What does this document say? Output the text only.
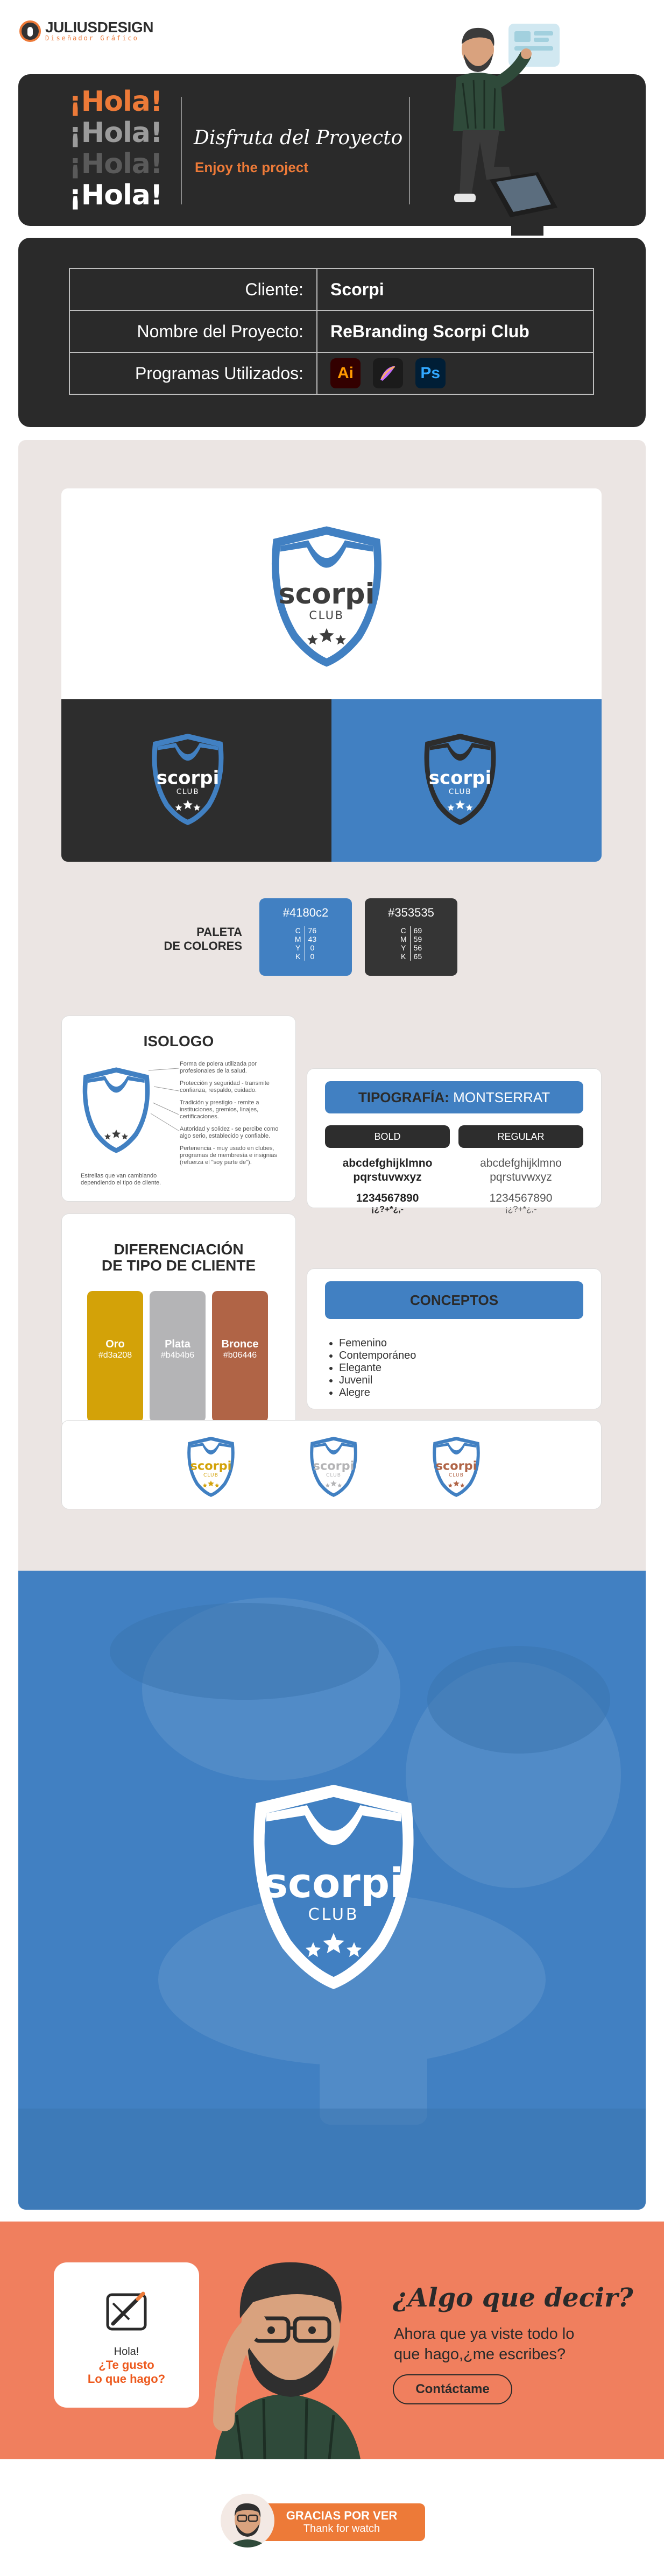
JULIUSDESIGN
Diseñador Gráfico
¡Hola!
¡Hola!
¡Hola!
¡Hola!
Disfruta del Proyecto
Enjoy the project
Cliente:	Scorpi
Nombre del Proyecto:	ReBranding Scorpi Club
Programas Utilizados:	Ai Ps
scorpi
CLUB
scorpi
CLUB
scorpi
CLUB
PALETA
DE COLORES
#4180c2
C	76
M	43
Y	0
K	0
#353535
C	69
M	59
Y	56
K	65
ISOLOGO

Forma de polera utilizada por profesionales de la salud.

Protección y seguridad - transmite confianza, respaldo, cuidado.

Tradición y prestigio - remite a instituciones, gremios, linajes, certificaciones.

Autoridad y solidez - se percibe como algo serio, establecido y confiable.

Pertenencia - muy usado en clubes, programas de membresía e insignias (refuerza el "soy parte de").

Estrellas que van cambiando dependiendo el tipo de cliente.
TIPOGRAFÍA: MONTSERRAT
BOLD	REGULAR
abcdefghijklmno pqrstuvwxyz
1234567890
¡¿?+*¿,-
abcdefghijklmno pqrstuvwxyz
1234567890
¡¿?+*¿,-
DIFERENCIACIÓN
DE TIPO DE CLIENTE
Oro
#d3a208
Plata
#b4b4b6
Bronce
#b06446
CONCEPTOS
• Femenino
• Contemporáneo
• Elegante
• Juvenil
• Alegre
scorpi
CLUB
scorpi
CLUB
scorpi
CLUB
scorpi
CLUB
Hola!
¿Te gusto
Lo que hago?
¿Algo que decir?
Ahora que ya viste todo lo
que hago,¿me escribes?
Contáctame
GRACIAS POR VER
Thank for watch
